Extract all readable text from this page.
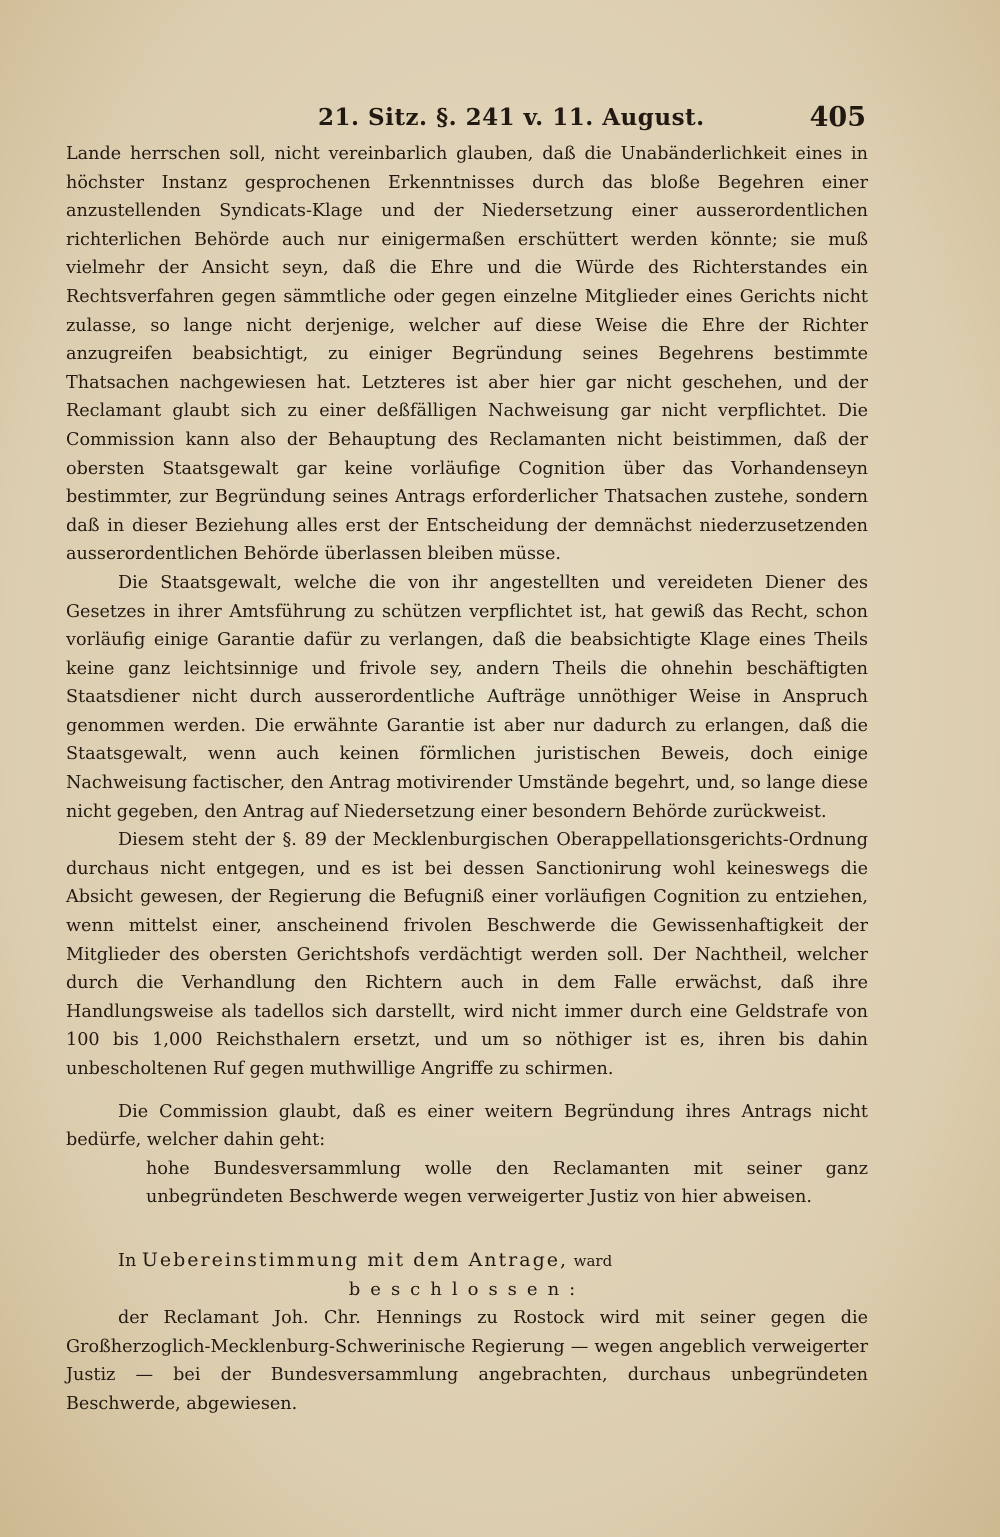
21. Sitz. §. 241 v. 11. August.	405

Lande herrschen soll, nicht vereinbarlich glauben, daß die Unabänderlichkeit eines in höchster Instanz gesprochenen Erkenntnisses durch das bloße Begehren einer anzustellenden Syndicats-Klage und der Niedersetzung einer ausserordentlichen richterlichen Behörde auch nur einigermaßen erschüttert werden könnte; sie muß vielmehr der Ansicht seyn, daß die Ehre und die Würde des Richterstandes ein Rechtsverfahren gegen sämmtliche oder gegen einzelne Mitglieder eines Gerichts nicht zulasse, so lange nicht derjenige, welcher auf diese Weise die Ehre der Richter anzugreifen beabsichtigt, zu einiger Begründung seines Begehrens bestimmte Thatsachen nachgewiesen hat. Letzteres ist aber hier gar nicht geschehen, und der Reclamant glaubt sich zu einer deßfälligen Nachweisung gar nicht verpflichtet. Die Commission kann also der Behauptung des Reclamanten nicht beistimmen, daß der obersten Staatsgewalt gar keine vorläufige Cognition über das Vorhandenseyn bestimmter, zur Begründung seines Antrags erforderlicher Thatsachen zustehe, sondern daß in dieser Beziehung alles erst der Entscheidung der demnächst niederzusetzenden ausserordentlichen Behörde überlassen bleiben müsse.

Die Staatsgewalt, welche die von ihr angestellten und vereideten Diener des Gesetzes in ihrer Amtsführung zu schützen verpflichtet ist, hat gewiß das Recht, schon vorläufig einige Garantie dafür zu verlangen, daß die beabsichtigte Klage eines Theils keine ganz leichtsinnige und frivole sey, andern Theils die ohnehin beschäftigten Staatsdiener nicht durch ausserordentliche Aufträge unnöthiger Weise in Anspruch genommen werden. Die erwähnte Garantie ist aber nur dadurch zu erlangen, daß die Staatsgewalt, wenn auch keinen förmlichen juristischen Beweis, doch einige Nachweisung factischer, den Antrag motivirender Umstände begehrt, und, so lange diese nicht gegeben, den Antrag auf Niedersetzung einer besondern Behörde zurückweist.

Diesem steht der §. 89 der Mecklenburgischen Oberappellationsgerichts-Ordnung durchaus nicht entgegen, und es ist bei dessen Sanctionirung wohl keineswegs die Absicht gewesen, der Regierung die Befugniß einer vorläufigen Cognition zu entziehen, wenn mittelst einer, anscheinend frivolen Beschwerde die Gewissenhaftigkeit der Mitglieder des obersten Gerichtshofs verdächtigt werden soll. Der Nachtheil, welcher durch die Verhandlung den Richtern auch in dem Falle erwächst, daß ihre Handlungsweise als tadellos sich darstellt, wird nicht immer durch eine Geldstrafe von 100 bis 1,000 Reichsthalern ersetzt, und um so nöthiger ist es, ihren bis dahin unbescholtenen Ruf gegen muthwillige Angriffe zu schirmen.

Die Commission glaubt, daß es einer weitern Begründung ihres Antrags nicht bedürfe, welcher dahin geht:

hohe Bundesversammlung wolle den Reclamanten mit seiner ganz unbegründeten Beschwerde wegen verweigerter Justiz von hier abweisen.

In Uebereinstimmung mit dem Antrage, ward

beschlossen:

der Reclamant Joh. Chr. Hennings zu Rostock wird mit seiner gegen die Großherzoglich-Mecklenburg-Schwerinische Regierung — wegen angeblich verweigerter Justiz — bei der Bundesversammlung angebrachten, durchaus unbegründeten Beschwerde, abgewiesen.
